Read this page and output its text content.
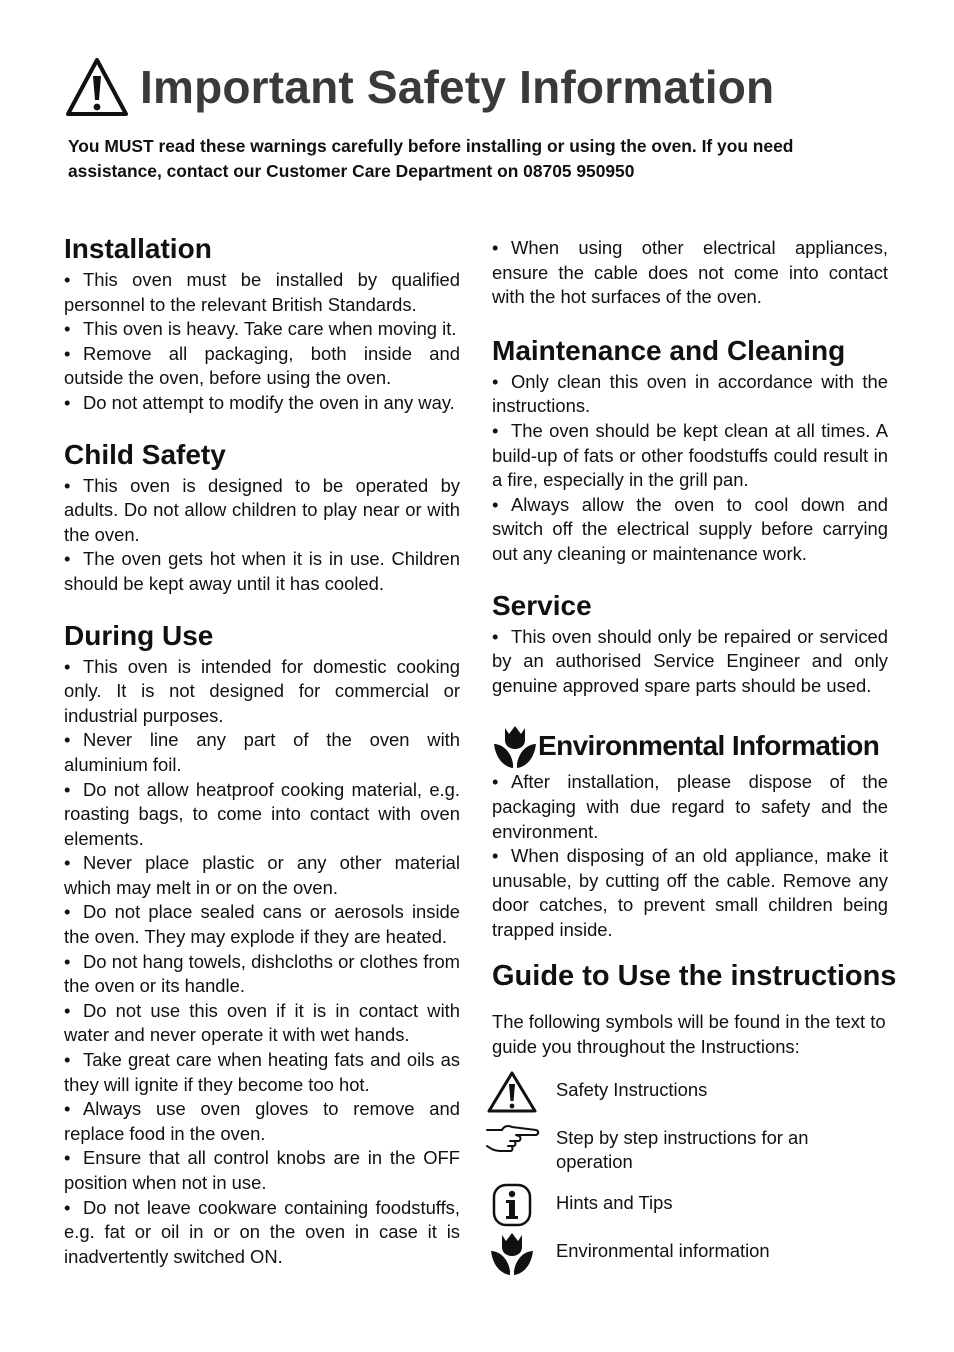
Important Safety Information
You MUST read these warnings carefully before installing or using the oven. If you need assistance, contact our Customer Care Department on 08705 950950
Installation
• This oven must be installed by qualified personnel to the relevant British Standards.
• This oven is heavy. Take care when moving it.
• Remove all packaging, both inside and outside the oven, before using the oven.
• Do not attempt to modify the oven in any way.
Child Safety
• This oven is designed to be operated by adults. Do not allow children to play near or with the oven.
• The oven gets hot when it is in use. Children should be kept away until it has cooled.
During Use
• This oven is intended for domestic cooking only. It is not designed for commercial or industrial purposes.
• Never line any part of the oven with aluminium foil.
• Do not allow heatproof cooking material, e.g. roasting bags, to come into contact with oven elements.
• Never place plastic or any other material which may melt in or on the oven.
• Do not place sealed cans or aerosols inside the oven. They may explode if they are heated.
• Do not hang towels, dishcloths or clothes from the oven or its handle.
• Do not use this oven if it is in contact with water and never operate it with wet hands.
• Take great care when heating fats and oils as they will ignite if they become too hot.
• Always use oven gloves to remove and replace food in the oven.
• Ensure that all control knobs are in the OFF position when not in use.
• Do not leave cookware containing foodstuffs, e.g. fat or oil in or on the oven in case it is inadvertently switched ON.
• When using other electrical appliances, ensure the cable does not come into contact with the hot surfaces of the oven.
Maintenance and Cleaning
• Only clean this oven in accordance with the instructions.
• The oven should be kept clean at all times. A build-up of fats or other foodstuffs could result in a fire, especially in the grill pan.
• Always allow the oven to cool down and switch off the electrical supply before carrying out any cleaning or maintenance work.
Service
• This oven should only be repaired or serviced by an authorised Service Engineer and only genuine approved spare parts should be used.
Environmental Information
• After installation, please dispose of the packaging with due regard to safety and the environment.
• When disposing of an old appliance, make it unusable, by cutting off the cable. Remove any door catches, to prevent small children being trapped inside.
Guide to Use the instructions
The following symbols will be found in the text to guide you throughout the Instructions:
Safety Instructions
Step by step instructions for an operation
Hints and Tips
Environmental information
